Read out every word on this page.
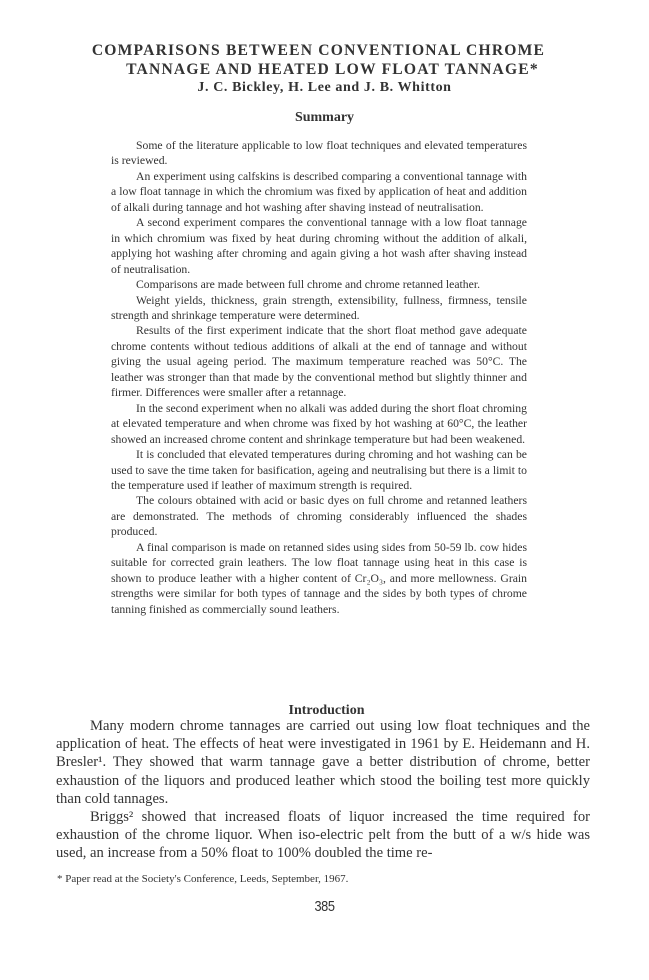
COMPARISONS BETWEEN CONVENTIONAL CHROME
TANNAGE AND HEATED LOW FLOAT TANNAGE*
J. C. Bickley, H. Lee and J. B. Whitton
Summary

Some of the literature applicable to low float techniques and elevated temperatures is reviewed.

An experiment using calfskins is described comparing a conventional tannage with a low float tannage in which the chromium was fixed by application of heat and addition of alkali during tannage and hot washing after shaving instead of neutralisation.

A second experiment compares the conventional tannage with a low float tannage in which chromium was fixed by heat during chroming without the addition of alkali, applying hot washing after chroming and again giving a hot wash after shaving instead of neutralisation.

Comparisons are made between full chrome and chrome retanned leather.

Weight yields, thickness, grain strength, extensibility, fullness, firmness, tensile strength and shrinkage temperature were determined.

Results of the first experiment indicate that the short float method gave adequate chrome contents without tedious additions of alkali at the end of tannage and without giving the usual ageing period. The maximum temperature reached was 50°C. The leather was stronger than that made by the conventional method but slightly thinner and firmer. Differences were smaller after a retannage.

In the second experiment when no alkali was added during the short float chroming at elevated temperature and when chrome was fixed by hot washing at 60°C, the leather showed an increased chrome content and shrinkage temperature but had been weakened.

It is concluded that elevated temperatures during chroming and hot washing can be used to save the time taken for basification, ageing and neutralising but there is a limit to the temperature used if leather of maximum strength is required.

The colours obtained with acid or basic dyes on full chrome and retanned leathers are demonstrated. The methods of chroming considerably influenced the shades produced.

A final comparison is made on retanned sides using sides from 50-59 lb. cow hides suitable for corrected grain leathers. The low float tannage using heat in this case is shown to produce leather with a higher content of Cr₂O₃, and more mellowness. Grain strengths were similar for both types of tannage and the sides by both types of chrome tanning finished as commercially sound leathers.

Introduction

Many modern chrome tannages are carried out using low float techniques and the application of heat. The effects of heat were investigated in 1961 by E. Heidemann and H. Bresler¹. They showed that warm tannage gave a better distribution of chrome, better exhaustion of the liquors and produced leather which stood the boiling test more quickly than cold tannages.

Briggs² showed that increased floats of liquor increased the time required for exhaustion of the chrome liquor. When iso-electric pelt from the butt of a w/s hide was used, an increase from a 50% float to 100% doubled the time re-

* Paper read at the Society's Conference, Leeds, September, 1967.
385
